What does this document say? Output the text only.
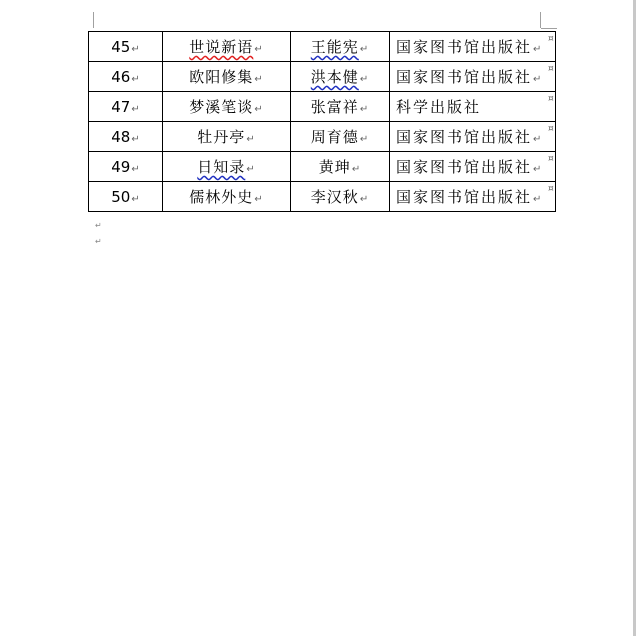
45↵	世说新语↵	王能宪↵	国家图书馆出版社↵
46↵	欧阳修集↵	洪本健↵	国家图书馆出版社↵
47↵	梦溪笔谈↵	张富祥↵	科学出版社
48↵	牡丹亭↵	周育德↵	国家图书馆出版社↵
49↵	日知录↵	黄珅↵	国家图书馆出版社↵
50↵	儒林外史↵	李汉秋↵	国家图书馆出版社↵
¤
¤
¤
¤
¤
¤
↵
↵
